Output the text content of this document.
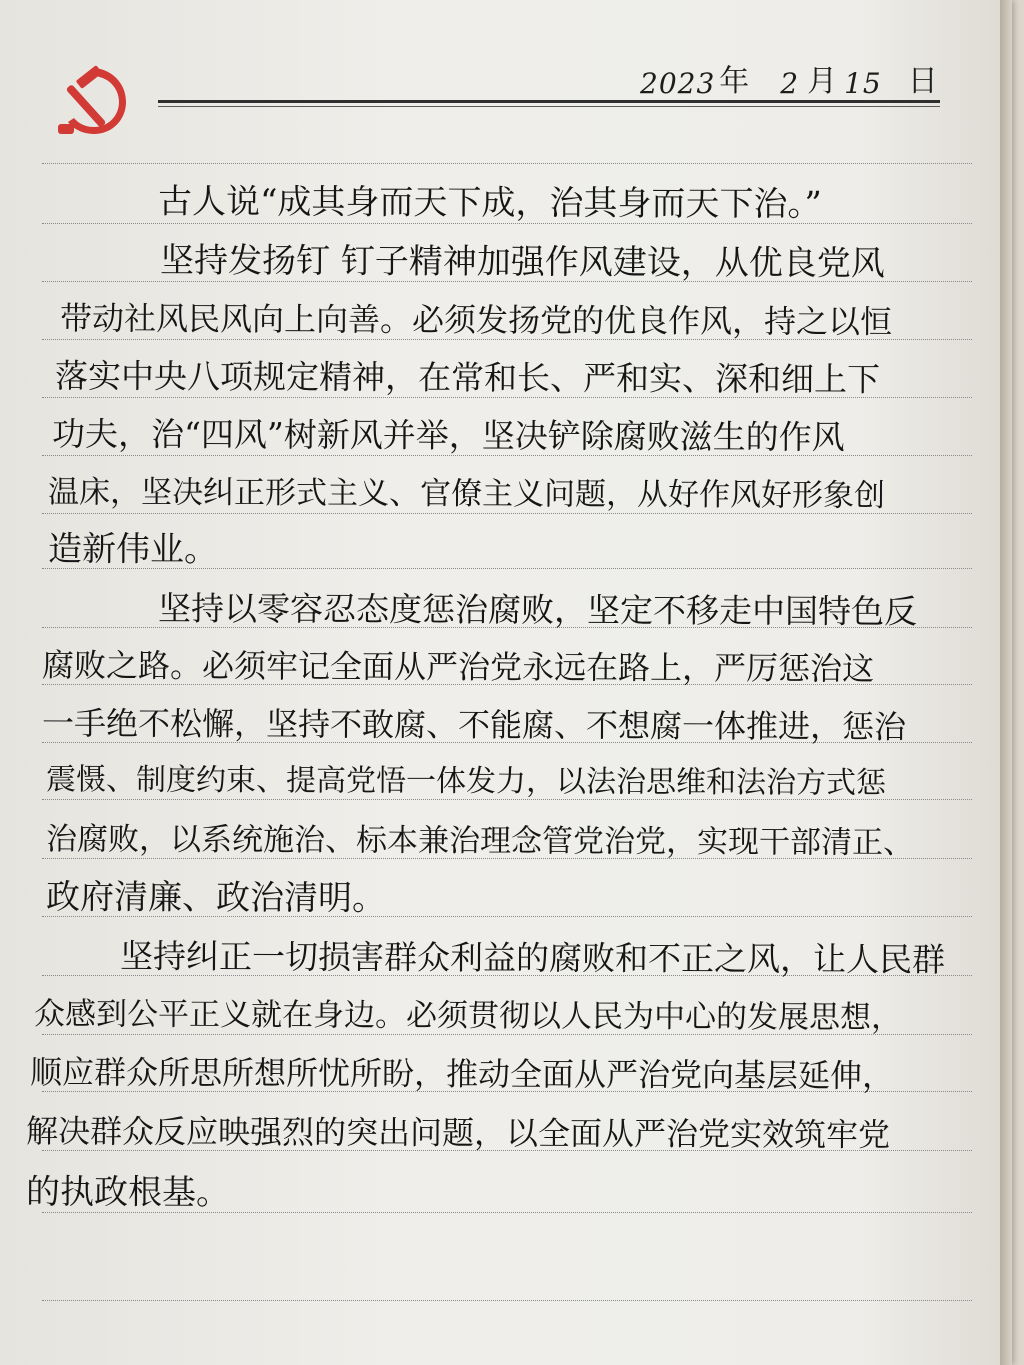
2023 年 2 月 15 日
古人说“成其身而天下成，治其身而天下治。”
坚持发扬钉 钉子精神加强作风建设，从优良党风
带动社风民风向上向善。必须发扬党的优良作风，持之以恒
落实中央八项规定精神，在常和长、严和实、深和细上下
功夫，治“四风”树新风并举，坚决铲除腐败滋生的作风
温床，坚决纠正形式主义、官僚主义问题，从好作风好形象创
造新伟业。
坚持以零容忍态度惩治腐败，坚定不移走中国特色反
腐败之路。必须牢记全面从严治党永远在路上，严厉惩治这
一手绝不松懈，坚持不敢腐、不能腐、不想腐一体推进，惩治
震慑、制度约束、提高党悟一体发力，以法治思维和法治方式惩
治腐败，以系统施治、标本兼治理念管党治党，实现干部清正、
政府清廉、政治清明。
坚持纠正一切损害群众利益的腐败和不正之风，让人民群
众感到公平正义就在身边。必须贯彻以人民为中心的发展思想，
顺应群众所思所想所忧所盼，推动全面从严治党向基层延伸，
解决群众反应映强烈的突出问题，以全面从严治党实效筑牢党
的执政根基。
